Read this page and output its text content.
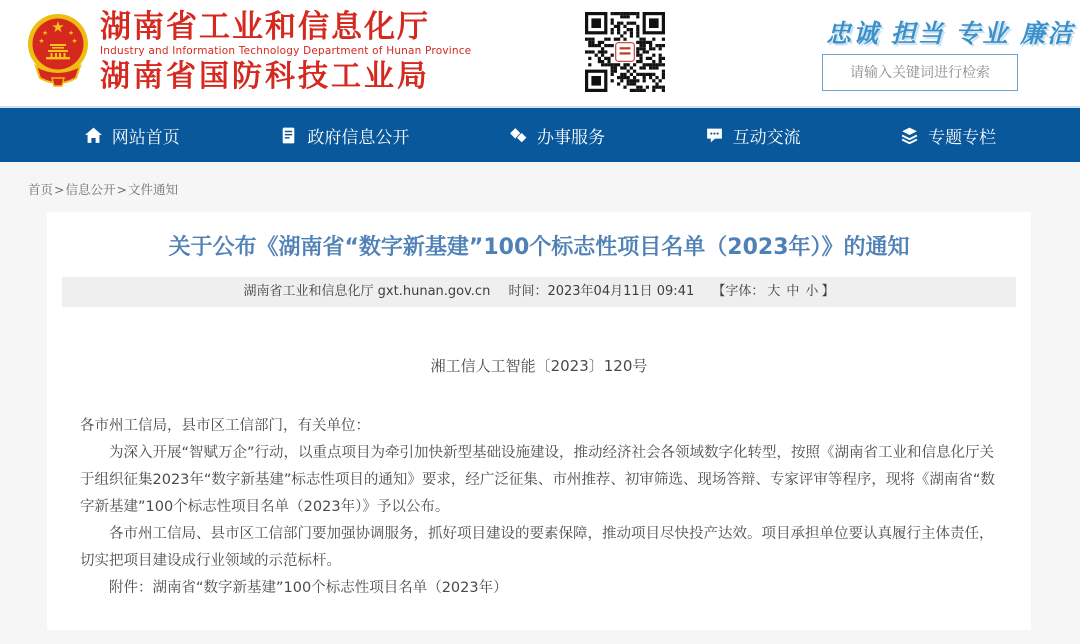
★
★	★
★	★ 湖南省工业和信息化厅
Industry and Information Technology Department of Hunan Province
湖南省国防科技工业局
忠诚 担当 专业 廉洁
请输入关键词进行检索
网站首页	政府信息公开	办事服务	互动交流	专题专栏
首页>信息公开>文件通知
关于公布《湖南省“数字新基建”100个标志性项目名单（2023年）》的通知
湖南省工业和信息化厅 gxt.hunan.gov.cn 时间：2023年04月11日 09:41 【字体： 大 中 小 】
湘工信人工智能〔2023〕120号

各市州工信局，县市区工信部门，有关单位：

为深入开展“智赋万企”行动，以重点项目为牵引加快新型基础设施建设，推动经济社会各领域数字化转型，按照《湖南省工业和信息化厅关于组织征集2023年“数字新基建”标志性项目的通知》要求，经广泛征集、市州推荐、初审筛选、现场答辩、专家评审等程序，现将《湖南省“数字新基建”100个标志性项目名单（2023年）》予以公布。

各市州工信局、县市区工信部门要加强协调服务，抓好项目建设的要素保障，推动项目尽快投产达效。项目承担单位要认真履行主体责任，切实把项目建设成行业领域的示范标杆。

附件：湖南省“数字新基建”100个标志性项目名单（2023年）
